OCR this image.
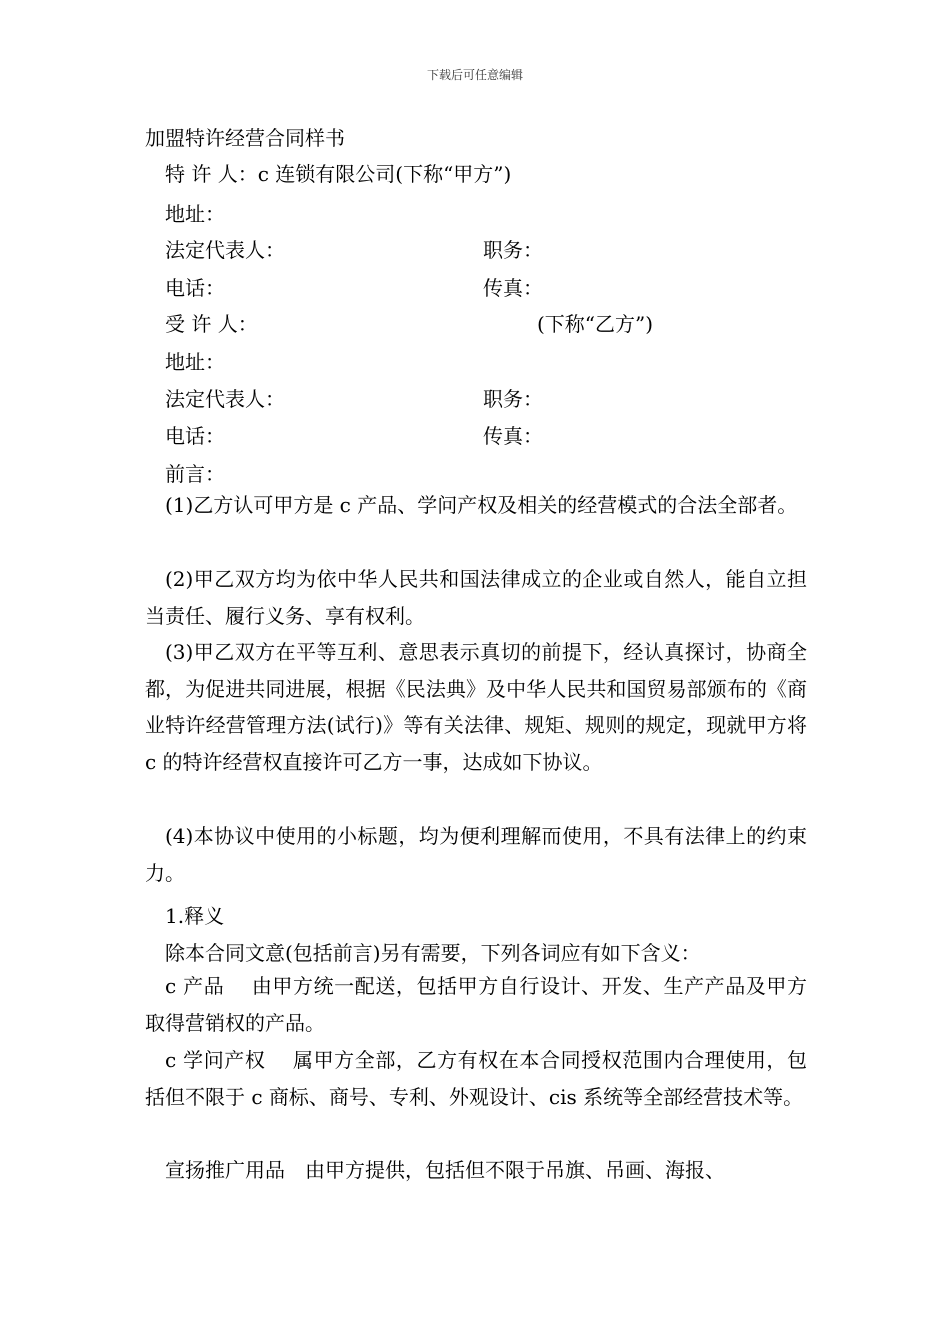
下载后可任意编辑
加盟特许经营合同样书
特 许 人：c 连锁有限公司(下称“甲方”)
地址：
法定代表人：	职务：
电话：	传真：
受 许 人：	(下称“乙方”)
地址：
法定代表人：	职务：
电话：	传真：
前言：
(1)乙方认可甲方是 c 产品、学问产权及相关的经营模式的合法全部者。
(2)甲乙双方均为依中华人民共和国法律成立的企业或自然人，能自立担当责任、履行义务、享有权利。
(3)甲乙双方在平等互利、意思表示真切的前提下，经认真探讨，协商全都，为促进共同进展，根据《民法典》及中华人民共和国贸易部颁布的《商业特许经营管理方法(试行)》等有关法律、规矩、规则的规定，现就甲方将 c 的特许经营权直接许可乙方一事，达成如下协议。
(4)本协议中使用的小标题，均为便利理解而使用，不具有法律上的约束力。
1.释义
除本合同文意(包括前言)另有需要，下列各词应有如下含义：
c 产品　 由甲方统一配送，包括甲方自行设计、开发、生产产品及甲方取得营销权的产品。
c 学问产权　 属甲方全部，乙方有权在本合同授权范围内合理使用，包括但不限于 c 商标、商号、专利、外观设计、cis 系统等全部经营技术等。
宣扬推广用品　由甲方提供，包括但不限于吊旗、吊画、海报、
